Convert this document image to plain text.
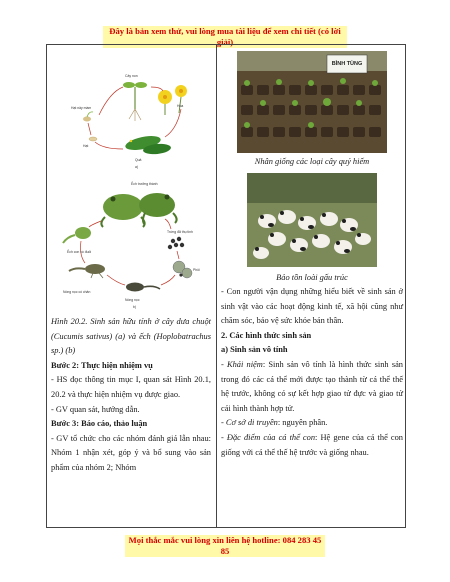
Đây là bản xem thử, vui lòng mua tài liệu để xem chi tiết (có lời giải)
Cây non
Hạt nảy mầm
Hạt
Quả
Hoa
a)
Ếch trưởng thành
Ếch con có đuôi
Nòng nọc có chân
Nòng nọc
Phôi
Trứng đã thụ tinh
b)

Hình 20.2. Sinh sản hữu tính ở cây dưa chuột (Cucumis sativus) (a) và ếch (Hoplobatrachus sp.) (b)

Bước 2: Thực hiện nhiệm vụ

- HS đọc thông tin mục I, quan sát Hình 20.1, 20.2 và thực hiện nhiệm vụ được giao.

- GV quan sát, hướng dẫn.

Bước 3: Báo cáo, thảo luận

- GV tổ chức cho các nhóm đánh giá lẫn nhau: Nhóm 1 nhận xét, góp ý và bổ sung vào sản phẩm của nhóm 2; Nhóm

BÌNH TÙNG
Nhân giống các loại cây quý hiếm
Bảo tồn loài gấu trúc

- Con người vận dụng những hiểu biết về sinh sản ở sinh vật vào các hoạt động kinh tế, xã hội cũng như chăm sóc, bảo vệ sức khỏe bản thân.

2. Các hình thức sinh sản

a) Sinh sản vô tính

- Khái niệm: Sinh sản vô tính là hình thức sinh sản trong đó các cá thể mới được tạo thành từ cá thể thế hệ trước, không có sự kết hợp giao tử đực và giao tử cái hình thành hợp tử.

- Cơ sở di truyền: nguyên phân.

- Đặc điểm của cá thể con: Hệ gene của cá thể con giống với cá thể thế hệ trước và giống nhau.

Mọi thắc mắc vui lòng xin liên hệ hotline: 084 283 45 85
